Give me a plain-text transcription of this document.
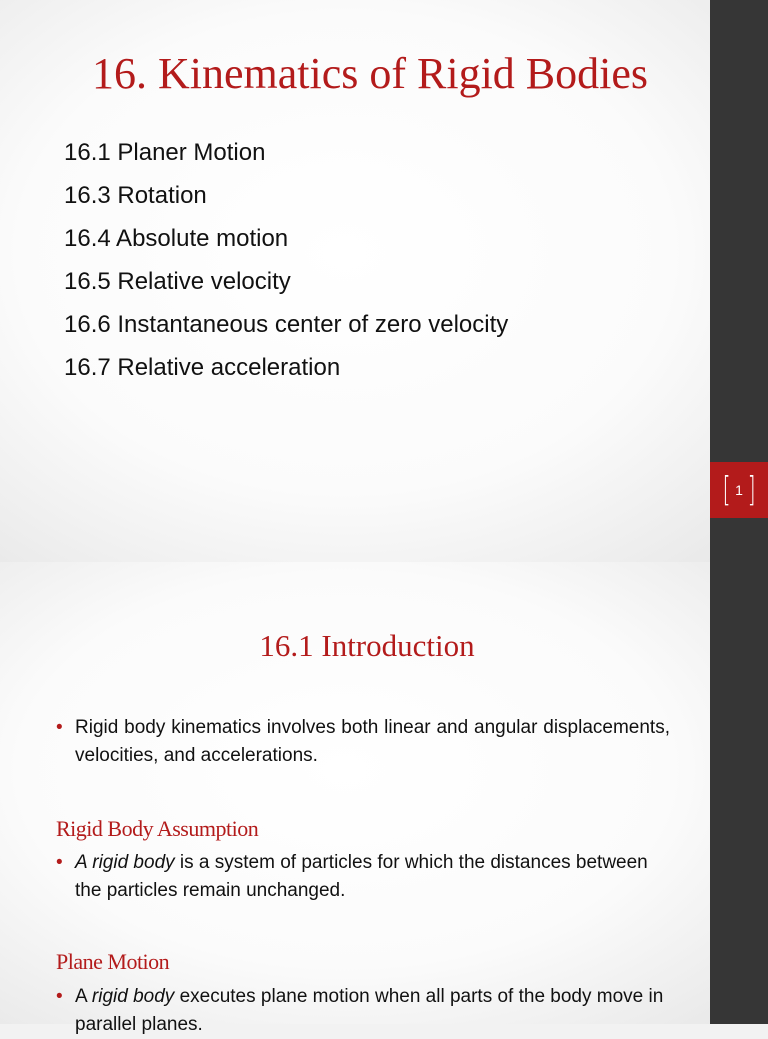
16. Kinematics of Rigid Bodies
16.1 Planer Motion
16.3 Rotation
16.4 Absolute motion
16.5 Relative velocity
16.6 Instantaneous center of zero velocity
16.7 Relative acceleration
[ 1 ]
16.1 Introduction
• Rigid body kinematics involves both linear and angular displacements, velocities, and accelerations.
Rigid Body Assumption
• A rigid body is a system of particles for which the distances between the particles remain unchanged.
Plane Motion
• A rigid body executes plane motion when all parts of the body move in parallel planes.
